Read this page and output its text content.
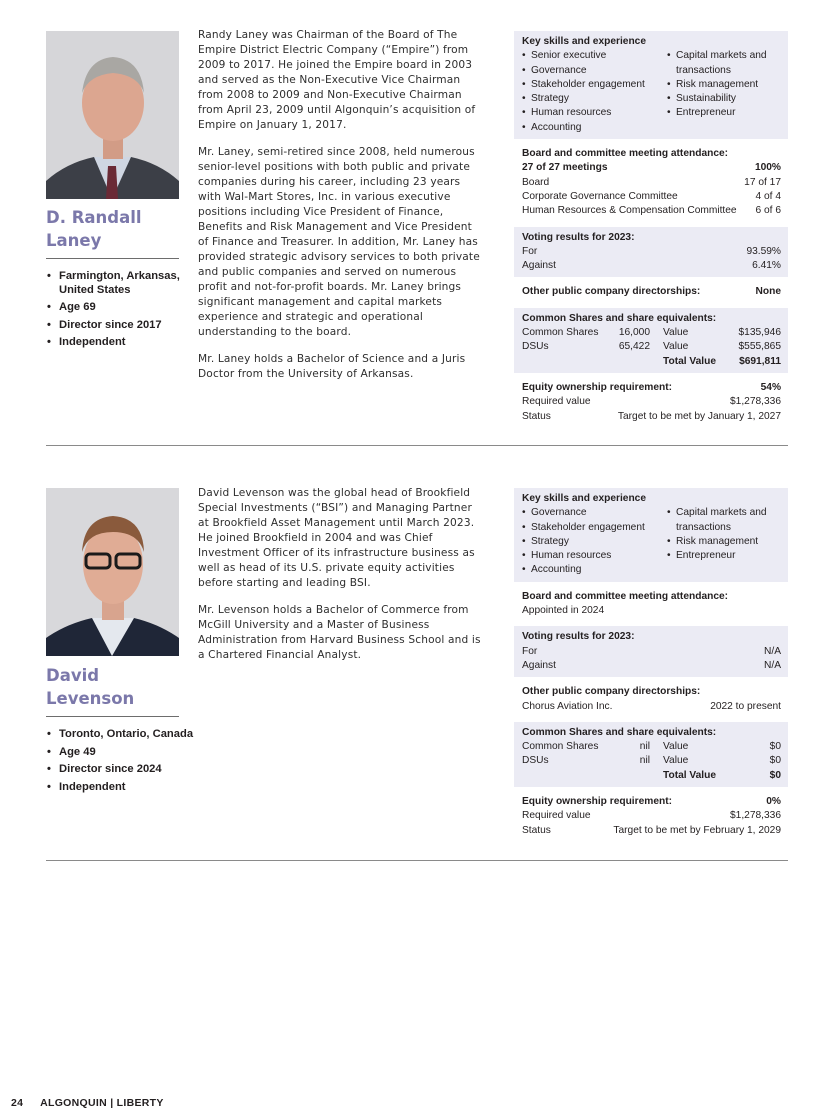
D. Randall
Laney
• Farmington, Arkansas, United States
• Age 69
• Director since 2017
• Independent

Randy Laney was Chairman of the Board of The Empire District Electric Company (“Empire”) from 2009 to 2017. He joined the Empire board in 2003 and served as the Non-Executive Vice Chairman from 2008 to 2009 and Non-Executive Chairman from April 23, 2009 until Algonquin’s acquisition of Empire on January 1, 2017.

Mr. Laney, semi-retired since 2008, held numerous senior-level positions with both public and private companies during his career, including 23 years with Wal-Mart Stores, Inc. in various executive positions including Vice President of Finance, Benefits and Risk Management and Vice President of Finance and Treasurer. In addition, Mr. Laney has provided strategic advisory services to both private and public companies and served on numerous profit and not-for-profit boards. Mr. Laney brings significant management and capital markets experience and strategic and operational understanding to the board.

Mr. Laney holds a Bachelor of Science and a Juris Doctor from the University of Arkansas.

Key skills and experience
• Senior executive
• Governance
• Stakeholder engagement
• Strategy
• Human resources
• Accounting
• Capital markets and transactions
• Risk management
• Sustainability
• Entrepreneur
Board and committee meeting attendance:
27 of 27 meetings	100%
Board	17 of 17
Corporate Governance Committee	4 of 4
Human Resources & Compensation Committee 6 of 6
Voting results for 2023:
For	93.59%
Against	6.41%
Other public company directorships:	None
Common Shares and share equivalents:
Common Shares	16,000	Value	$135,946
DSUs	65,422	Value	$555,865
Total Value	$691,811
Equity ownership requirement:	54%
Required value	$1,278,336
Status	Target to be met by January 1, 2027
David
Levenson
• Toronto, Ontario, Canada
• Age 49
• Director since 2024
• Independent

David Levenson was the global head of Brookfield Special Investments (“BSI”) and Managing Partner at Brookfield Asset Management until March 2023. He joined Brookfield in 2004 and was Chief Investment Officer of its infrastructure business as well as head of its U.S. private equity activities before starting and leading BSI.

Mr. Levenson holds a Bachelor of Commerce from McGill University and a Master of Business Administration from Harvard Business School and is a Chartered Financial Analyst.

Key skills and experience
• Governance
• Stakeholder engagement
• Strategy
• Human resources
• Accounting
• Capital markets and transactions
• Risk management
• Entrepreneur
Board and committee meeting attendance:
Appointed in 2024
Voting results for 2023:
For	N/A
Against	N/A
Other public company directorships:
Chorus Aviation Inc.	2022 to present
Common Shares and share equivalents:
Common Shares	nil	Value	$0
DSUs	nil	Value	$0
Total Value	$0
Equity ownership requirement:	0%
Required value	$1,278,336
Status	Target to be met by February 1, 2029
24 ALGONQUIN | LIBERTY
